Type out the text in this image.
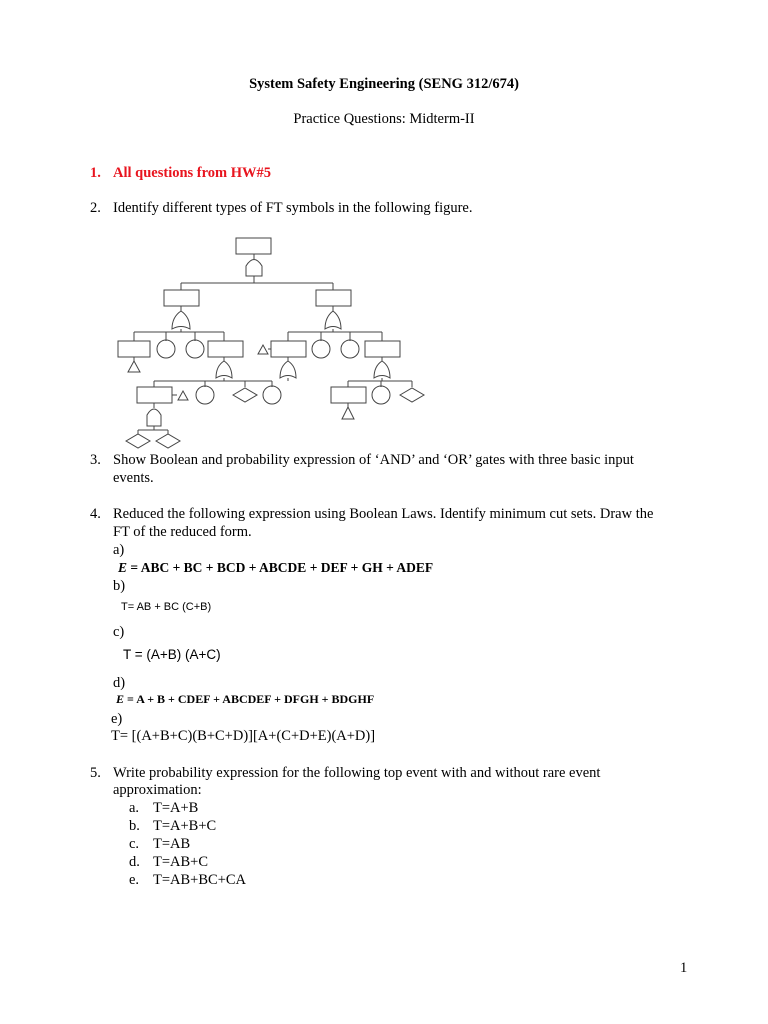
System Safety Engineering (SENG 312/674)
Practice Questions: Midterm-II
1. All questions from HW#5
2. Identify different types of FT symbols in the following figure.
3. Show Boolean and probability expression of ‘AND’ and ‘OR’ gates with three basic input
events.
4. Reduced the following expression using Boolean Laws. Identify minimum cut sets. Draw the
FT of the reduced form.
a)
E = ABC + BC + BCD + ABCDE + DEF + GH + ADEF
b)
T= AB + BC (C+B)
c)
T = (A+B) (A+C)
d)
E = A + B + CDEF + ABCDEF + DFGH + BDGHF
e)
T= [(A+B+C)(B+C+D)][A+(C+D+E)(A+D)]
5. Write probability expression for the following top event with and without rare event
approximation:
a. T=A+B
b. T=A+B+C
c. T=AB
d. T=AB+C
e. T=AB+BC+CA
1
